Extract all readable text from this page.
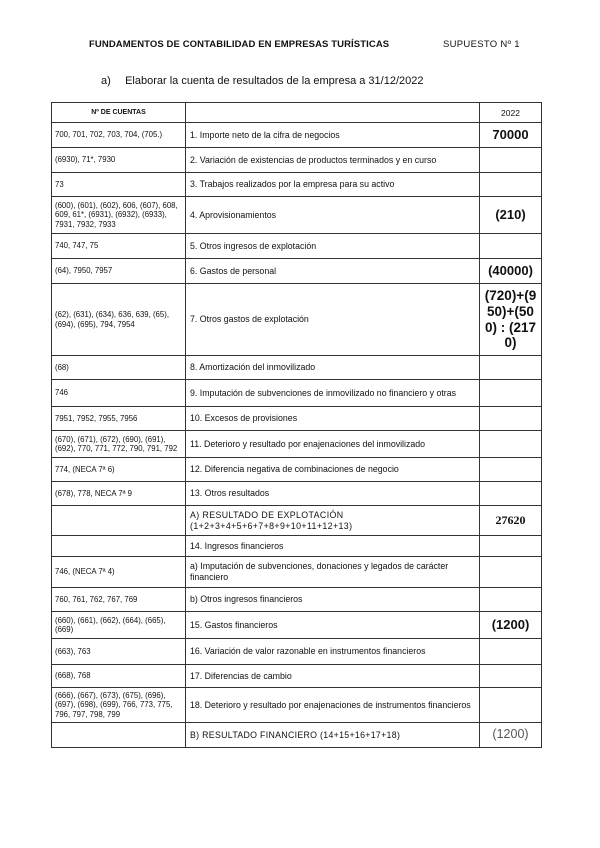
FUNDAMENTOS DE CONTABILIDAD EN EMPRESAS TURÍSTICAS	SUPUESTO Nº 1
a) Elaborar la cuenta de resultados de la empresa a 31/12/2022
Nº DE CUENTAS		2022
700, 701, 702, 703, 704, (705.)	1. Importe neto de la cifra de negocios	70000
(6930), 71*, 7930	2. Variación de existencias de productos terminados y en curso	
73	3. Trabajos realizados por la empresa para su activo	
(600), (601), (602), 606, (607), 608, 609, 61*, (6931), (6932), (6933), 7931, 7932, 7933	4. Aprovisionamientos	(210)
740, 747, 75	5. Otros ingresos de explotación	
(64), 7950, 7957	6. Gastos de personal	(40000)
(62), (631), (634), 636, 639, (65), (694), (695), 794, 7954	7. Otros gastos de explotación	(720)+(950)+(500) : (2170)
(68)	8. Amortización del inmovilizado	
746	9. Imputación de subvenciones de inmovilizado no financiero y otras	
7951, 7952, 7955, 7956	10. Excesos de provisiones	
(670), (671), (672), (690), (691), (692), 770, 771, 772, 790, 791, 792	11. Deterioro y resultado por enajenaciones del inmovilizado	
774, (NECA 7ª 6)	12. Diferencia negativa de combinaciones de negocio	
(678), 778, NECA 7ª 9	13. Otros resultados	
	A) RESULTADO DE EXPLOTACIÓN (1+2+3+4+5+6+7+8+9+10+11+12+13)	27620
	14. Ingresos financieros	
746, (NECA 7ª 4)	a) Imputación de subvenciones, donaciones y legados de carácter financiero	
760, 761, 762, 767, 769	b) Otros ingresos financieros	
(660), (661), (662), (664), (665), (669)	15. Gastos financieros	(1200)
(663), 763	16. Variación de valor razonable en instrumentos financieros	
(668), 768	17. Diferencias de cambio	
(666), (667), (673), (675), (696), (697), (698), (699), 766, 773, 775, 796, 797, 798, 799	18. Deterioro y resultado por enajenaciones de instrumentos financieros	
	B) RESULTADO FINANCIERO (14+15+16+17+18)	(1200)
